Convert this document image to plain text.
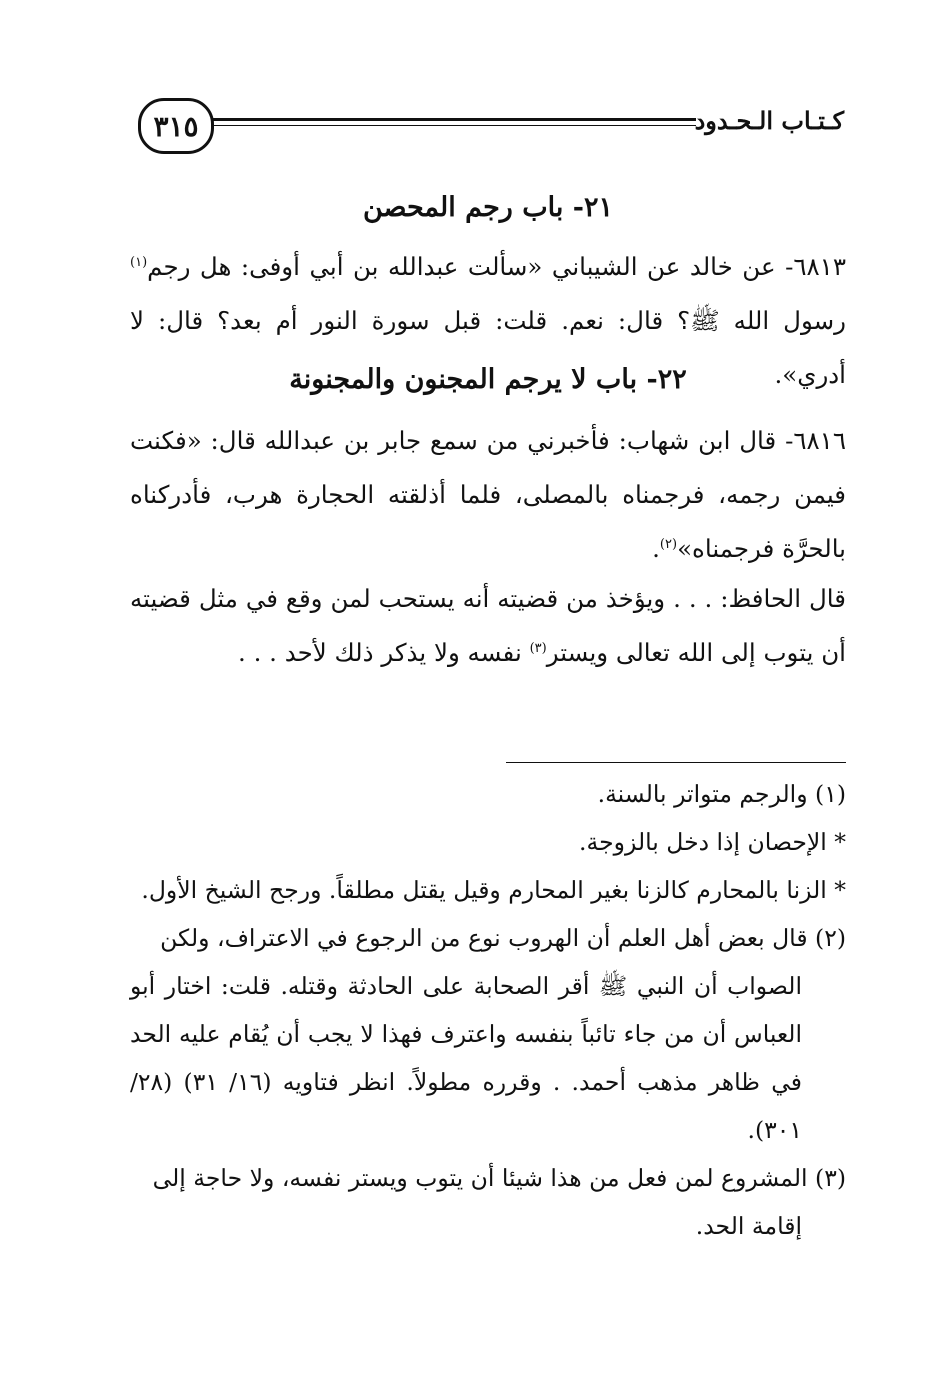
٣١٥	كـتـاب الـحـدود
٢١- باب رجم المحصن

٦٨١٣- عن خالد عن الشيباني «سألت عبدالله بن أبي أوفى: هل رجم$^{(١)}$ رسول الله ﷺ؟ قال: نعم. قلت: قبل سورة النور أم بعد؟ قال: لا أدري».

٢٢- باب لا يرجم المجنون والمجنونة

٦٨١٦- قال ابن شهاب: فأخبرني من سمع جابر بن عبدالله قال: «فكنت فيمن رجمه، فرجمناه بالمصلى، فلما أذلقته الحجارة هرب، فأدركناه بالحرَّة فرجمناه»$^{(٢)}$.

قال الحافظ: . . . ويؤخذ من قضيته أنه يستحب لمن وقع في مثل قضيته أن يتوب إلى الله تعالى ويستر$^{(٣)}$ نفسه ولا يذكر ذلك لأحد . . .

(١) والرجم متواتر بالسنة.

* الإحصان إذا دخل بالزوجة.

* الزنا بالمحارم كالزنا بغير المحارم وقيل يقتل مطلقاً. ورجح الشيخ الأول.

(٢) قال بعض أهل العلم أن الهروب نوع من الرجوع في الاعتراف، ولكن

الصواب أن النبي ﷺ أقر الصحابة على الحادثة وقتله. قلت: اختار أبو العباس أن من جاء تائباً بنفسه واعترف فهذا لا يجب أن يُقام عليه الحد في ظاهر مذهب أحمد. . وقرره مطولاً. انظر فتاويه (١٦/ ٣١) (٢٨/ ٣٠١).

(٣) المشروع لمن فعل من هذا شيئا أن يتوب ويستر نفسه، ولا حاجة إلى

إقامة الحد.
